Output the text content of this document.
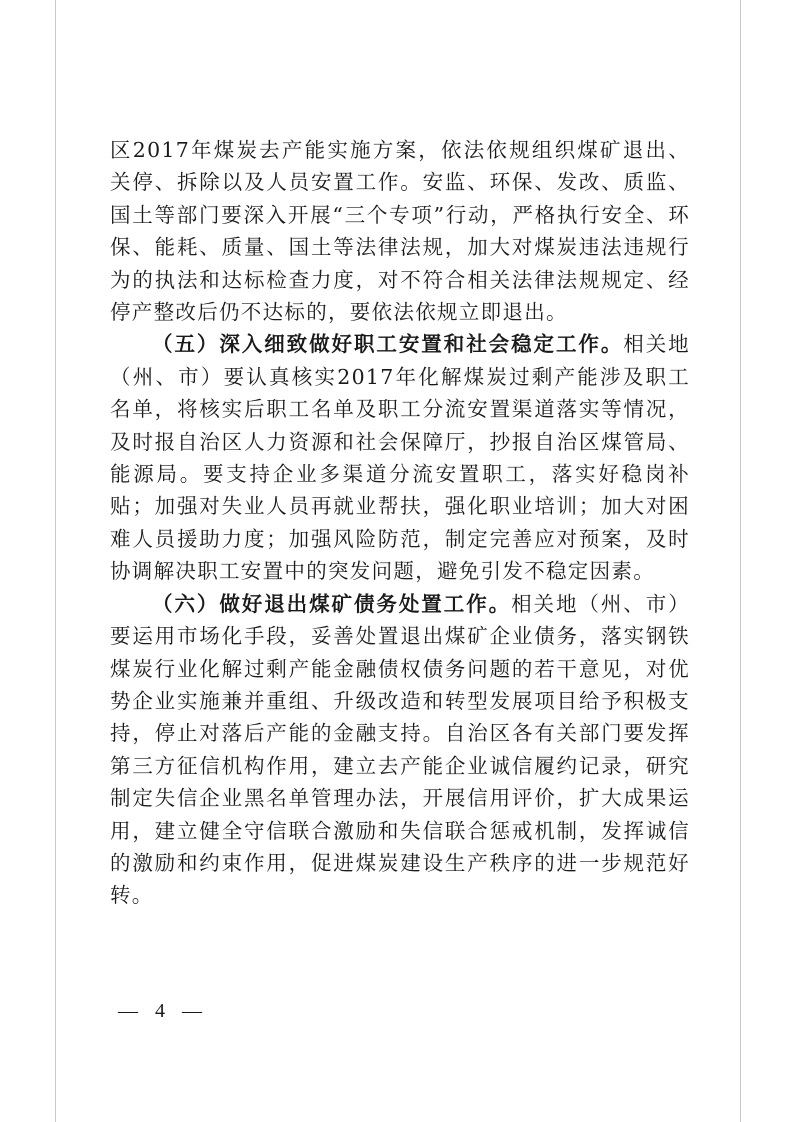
区2017年煤炭去产能实施方案，依法依规组织煤矿退出、关停、拆除以及人员安置工作。安监、环保、发改、质监、国土等部门要深入开展“三个专项”行动，严格执行安全、环保、能耗、质量、国土等法律法规，加大对煤炭违法违规行为的执法和达标检查力度，对不符合相关法律法规规定、经停产整改后仍不达标的，要依法依规立即退出。

（五）深入细致做好职工安置和社会稳定工作。相关地（州、市）要认真核实2017年化解煤炭过剩产能涉及职工名单，将核实后职工名单及职工分流安置渠道落实等情况，及时报自治区人力资源和社会保障厅，抄报自治区煤管局、能源局。要支持企业多渠道分流安置职工，落实好稳岗补贴；加强对失业人员再就业帮扶，强化职业培训；加大对困难人员援助力度；加强风险防范，制定完善应对预案，及时协调解决职工安置中的突发问题，避免引发不稳定因素。

（六）做好退出煤矿债务处置工作。相关地（州、市）要运用市场化手段，妥善处置退出煤矿企业债务，落实钢铁煤炭行业化解过剩产能金融债权债务问题的若干意见，对优势企业实施兼并重组、升级改造和转型发展项目给予积极支持，停止对落后产能的金融支持。自治区各有关部门要发挥第三方征信机构作用，建立去产能企业诚信履约记录，研究制定失信企业黑名单管理办法，开展信用评价，扩大成果运用，建立健全守信联合激励和失信联合惩戒机制，发挥诚信的激励和约束作用，促进煤炭建设生产秩序的进一步规范好转。

— 4 —
